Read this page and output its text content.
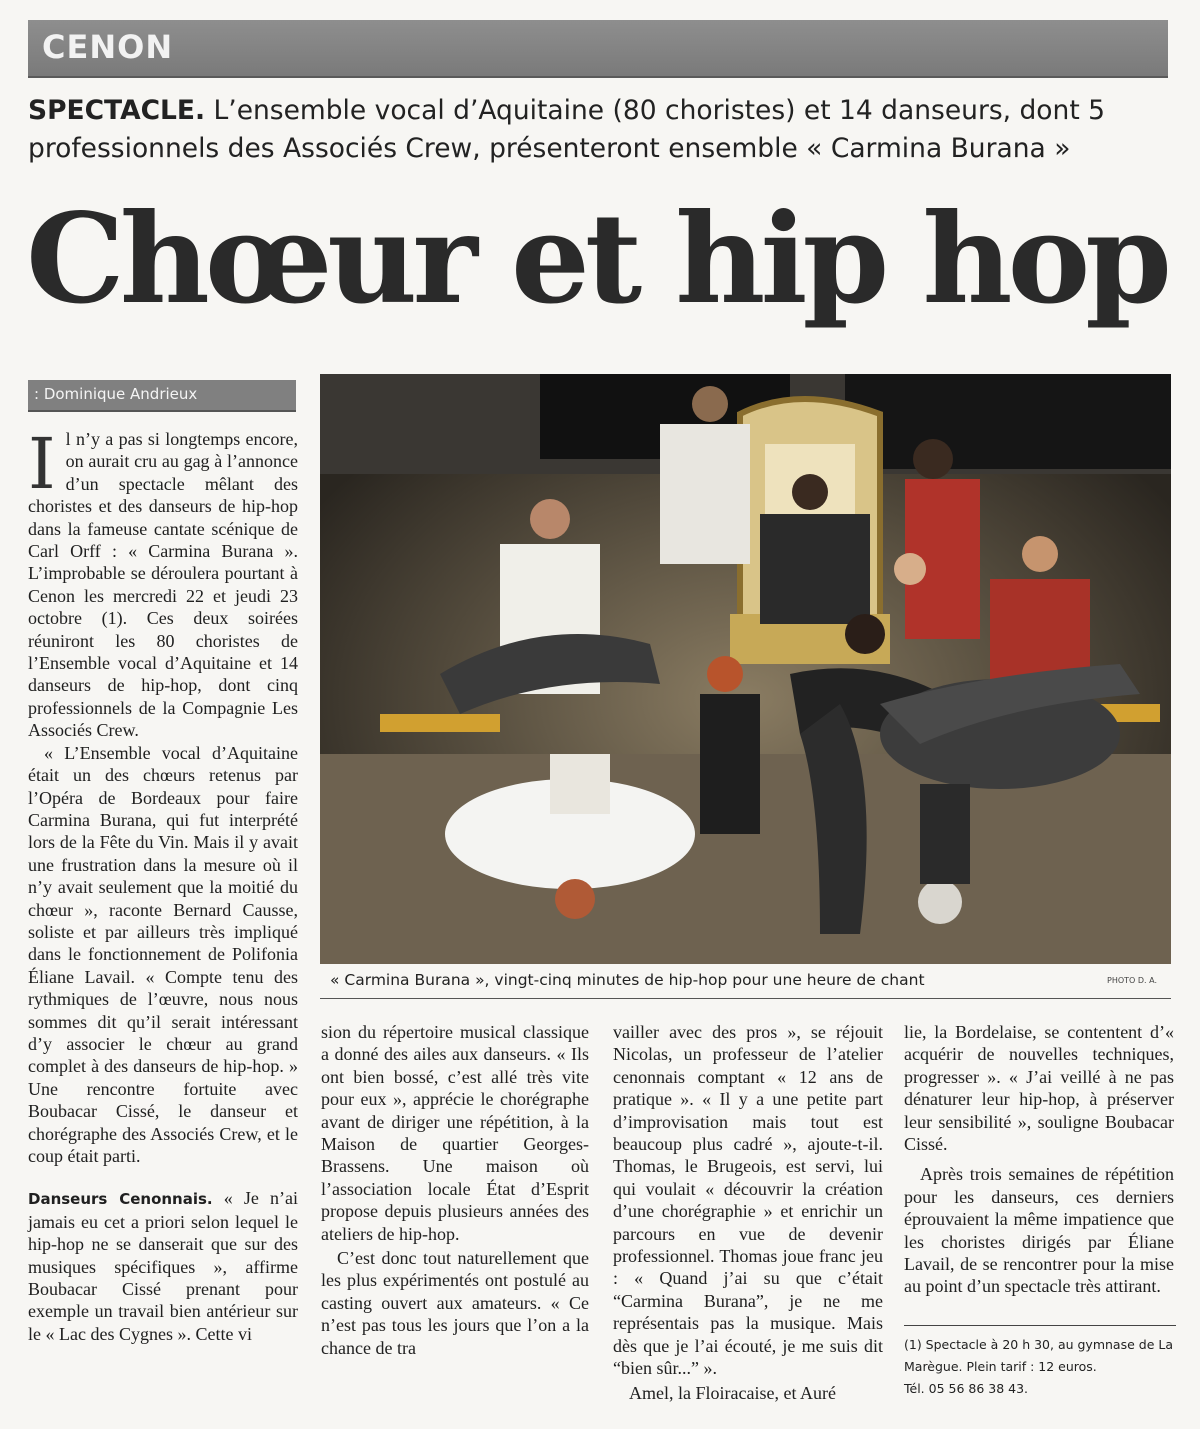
CENON
SPECTACLE. L’ensemble vocal d’Aquitaine (80 choristes) et 14 danseurs, dont 5 professionnels des Associés Crew, présenteront ensemble « Carmina Burana »
Chœur et hip hop
: Dominique Andrieux
I l n’y a pas si longtemps encore, on aurait cru au gag à l’annonce d’un spectacle mêlant des choristes et des danseurs de hip-hop dans la fameuse cantate scénique de Carl Orff : « Carmina Burana ». L’improbable se déroulera pourtant à Cenon les mercredi 22 et jeudi 23 octobre (1). Ces deux soirées réuniront les 80 choristes de l’Ensemble vocal d’Aquitaine et 14 danseurs de hip-hop, dont cinq professionnels de la Compagnie Les Associés Crew.

« L’Ensemble vocal d’Aquitaine était un des chœurs retenus par l’Opéra de Bordeaux pour faire Carmina Burana, qui fut interprété lors de la Fête du Vin. Mais il y avait une frustration dans la mesure où il n’y avait seulement que la moitié du chœur », raconte Bernard Causse, soliste et par ailleurs très impliqué dans le fonctionnement de Polifonia Éliane Lavail. « Compte tenu des rythmiques de l’œuvre, nous nous sommes dit qu’il serait intéressant d’y associer le chœur au grand complet à des danseurs de hip-hop. » Une rencontre fortuite avec Boubacar Cissé, le danseur et chorégraphe des Associés Crew, et le coup était parti.

Danseurs Cenonnais. « Je n’ai jamais eu cet a priori selon lequel le hip-hop ne se danserait que sur des musiques spécifiques », affirme Boubacar Cissé prenant pour exemple un travail bien antérieur sur le « Lac des Cygnes ». Cette vi

« Carmina Burana », vingt-cinq minutes de hip-hop pour une heure de chant	PHOTO D. A.

sion du répertoire musical classique a donné des ailes aux danseurs. « Ils ont bien bossé, c’est allé très vite pour eux », apprécie le chorégraphe avant de diriger une répétition, à la Maison de quartier Georges-Brassens. Une maison où l’association locale État d’Esprit propose depuis plusieurs années des ateliers de hip-hop.

C’est donc tout naturellement que les plus expérimentés ont postulé au casting ouvert aux amateurs. « Ce n’est pas tous les jours que l’on a la chance de tra

vailler avec des pros », se réjouit Nicolas, un professeur de l’atelier cenonnais comptant « 12 ans de pratique ». « Il y a une petite part d’improvisation mais tout est beaucoup plus cadré », ajoute-t-il. Thomas, le Brugeois, est servi, lui qui voulait « découvrir la création d’une chorégraphie » et enrichir un parcours en vue de devenir professionnel. Thomas joue franc jeu : « Quand j’ai su que c’était “Carmina Burana”, je ne me représentais pas la musique. Mais dès que je l’ai écouté, je me suis dit “bien sûr...” ».

Amel, la Floiracaise, et Auré

lie, la Bordelaise, se contentent d’« acquérir de nouvelles techniques, progresser ». « J’ai veillé à ne pas dénaturer leur hip-hop, à préserver leur sensibilité », souligne Boubacar Cissé.

Après trois semaines de répétition pour les danseurs, ces derniers éprouvaient la même impatience que les choristes dirigés par Éliane Lavail, de se rencontrer pour la mise au point d’un spectacle très attirant.

(1) Spectacle à 20 h 30, au gymnase de La Marègue. Plein tarif : 12 euros.
Tél. 05 56 86 38 43.
